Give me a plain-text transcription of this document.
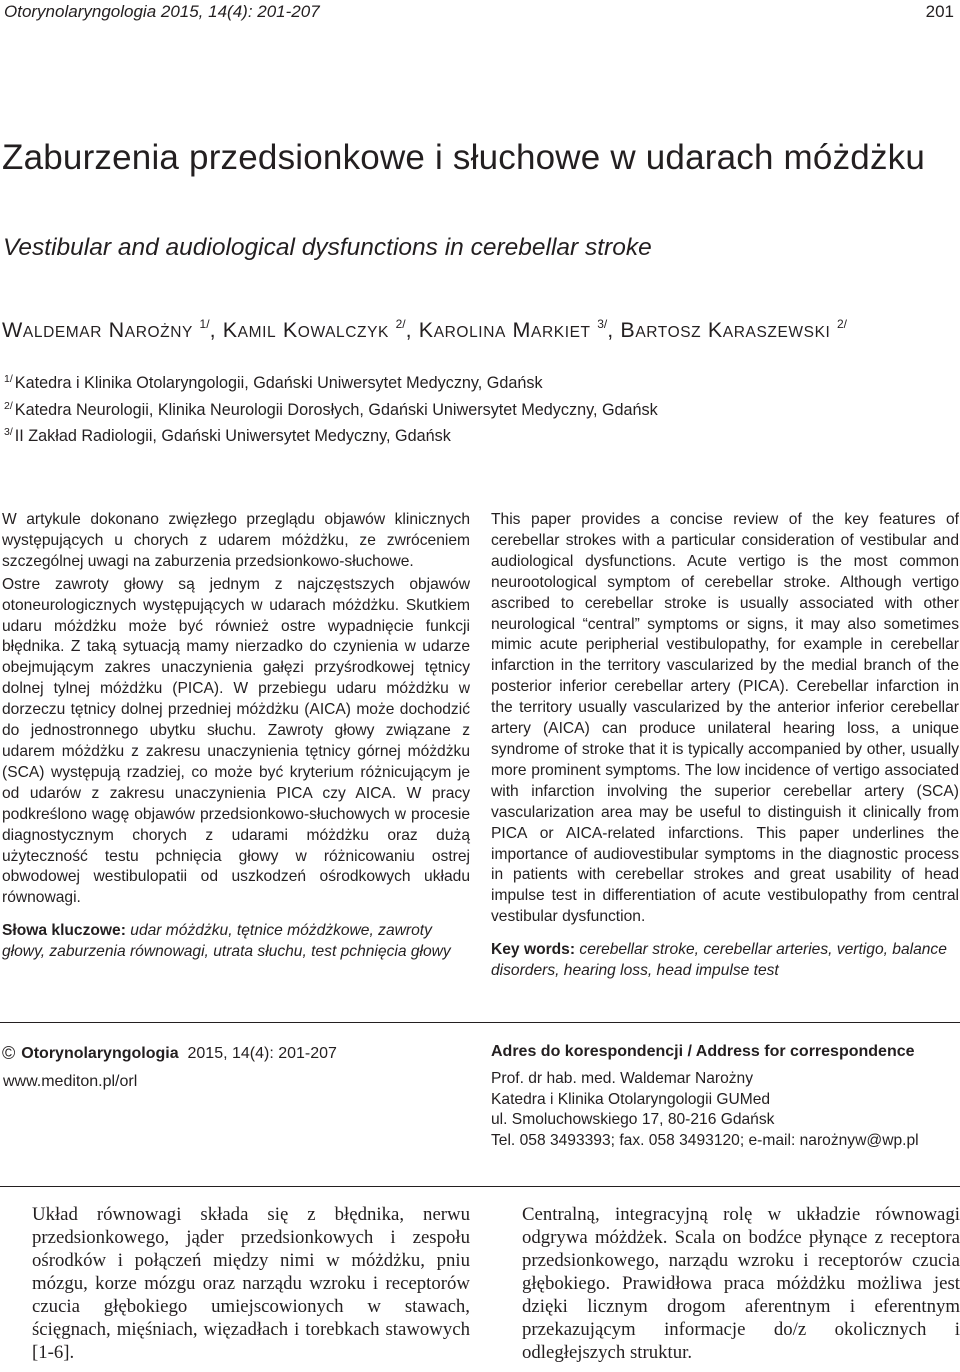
Otorynolaryngologia 2015, 14(4): 201-207	201
Zaburzenia przedsionkowe i słuchowe w udarach móżdżku
Vestibular and audiological dysfunctions in cerebellar stroke
WALDEMAR NAROŻNY $^{1/}$, KAMIL KOWALCZYK $^{2/}$, KAROLINA MARKIET $^{3/}$, BARTOSZ KARASZEWSKI $^{2/}$
$^{1/}$ Katedra i Klinika Otolaryngologii, Gdański Uniwersytet Medyczny, Gdańsk
$^{2/}$ Katedra Neurologii, Klinika Neurologii Dorosłych, Gdański Uniwersytet Medyczny, Gdańsk
$^{3/}$ II Zakład Radiologii, Gdański Uniwersytet Medyczny, Gdańsk

W artykule dokonano zwięzłego przeglądu objawów klinicznych występujących u chorych z udarem móżdżku, ze zwróceniem szczególnej uwagi na zaburzenia przedsionkowo-słuchowe.

Ostre zawroty głowy są jednym z najczęstszych objawów otoneurologicznych występujących w udarach móżdżku. Skutkiem udaru móżdżku może być również ostre wypadnięcie funkcji błędnika. Z taką sytuacją mamy nierzadko do czynienia w udarze obejmującym zakres unaczynienia gałęzi przyśrodkowej tętnicy dolnej tylnej móżdżku (PICA). W przebiegu udaru móżdżku w dorzeczu tętnicy dolnej przedniej móżdżku (AICA) może dochodzić do jednostronnego ubytku słuchu. Zawroty głowy związane z udarem móżdżku z zakresu unaczynienia tętnicy górnej móżdżku (SCA) występują rzadziej, co może być kryterium różnicującym je od udarów z zakresu unaczynienia PICA czy AICA. W pracy podkreślono wagę objawów przedsionkowo-słuchowych w procesie diagnostycznym chorych z udarami móżdżku oraz dużą użyteczność testu pchnięcia głowy w różnicowaniu ostrej obwodowej westibulopatii od uszkodzeń ośrodkowych układu równowagi.

Słowa kluczowe: udar móżdżku, tętnice móżdżkowe, zawroty głowy, zaburzenia równowagi, utrata słuchu, test pchnięcia głowy

This paper provides a concise review of the key features of cerebellar strokes with a particular consideration of vestibular and audiological dysfunctions. Acute vertigo is the most common neurootological symptom of cerebellar stroke. Although vertigo ascribed to cerebellar stroke is usually associated with other neurological “central” symptoms or signs, it may also sometimes mimic acute peripherial vestibulopathy, for example in cerebellar infarction in the territory vascularized by the medial branch of the posterior inferior cerebellar artery (PICA). Cerebellar infarction in the territory usually vascularized by the anterior inferior cerebellar artery (AICA) can produce unilateral hearing loss, a unique syndrome of stroke that it is typically accompanied by other, usually more prominent symptoms. The low incidence of vertigo associated with infarction involving the superior cerebellar artery (SCA) vascularization area may be useful to distinguish it clinically from PICA or AICA-related infarctions. This paper underlines the importance of audiovestibular symptoms in the diagnostic process in patients with cerebellar strokes and great usability of head impulse test in differentiation of acute vestibulopathy from central vestibular dysfunction.

Key words: cerebellar stroke, cerebellar arteries, vertigo, balance disorders, hearing loss, head impulse test

© Otorynolaryngologia 2015, 14(4): 201-207
www.mediton.pl/orl
Adres do korespondencji / Address for correspondence
Prof. dr hab. med. Waldemar Narożny
Katedra i Klinika Otolaryngologii GUMed
ul. Smoluchowskiego 17, 80-216 Gdańsk
Tel. 058 3493393; fax. 058 3493120; e-mail: narożnyw@wp.pl

Układ równowagi składa się z błędnika, nerwu przedsionkowego, jąder przedsionkowych i zespołu ośrodków i połączeń między nimi w móżdżku, pniu mózgu, korze mózgu oraz narządu wzroku i receptorów czucia głębokiego umiejscowionych w stawach, ścięgnach, mięśniach, więzadłach i torebkach stawowych [1-6].

Centralną, integracyjną rolę w układzie równowagi odgrywa móżdżek. Scala on bodźce płynące z receptora przedsionkowego, narządu wzroku i receptorów czucia głębokiego. Prawidłowa praca móżdżku możliwa jest dzięki licznym drogom aferentnym i eferentnym przekazującym informacje do/z okolicznych i odległejszych struktur.
